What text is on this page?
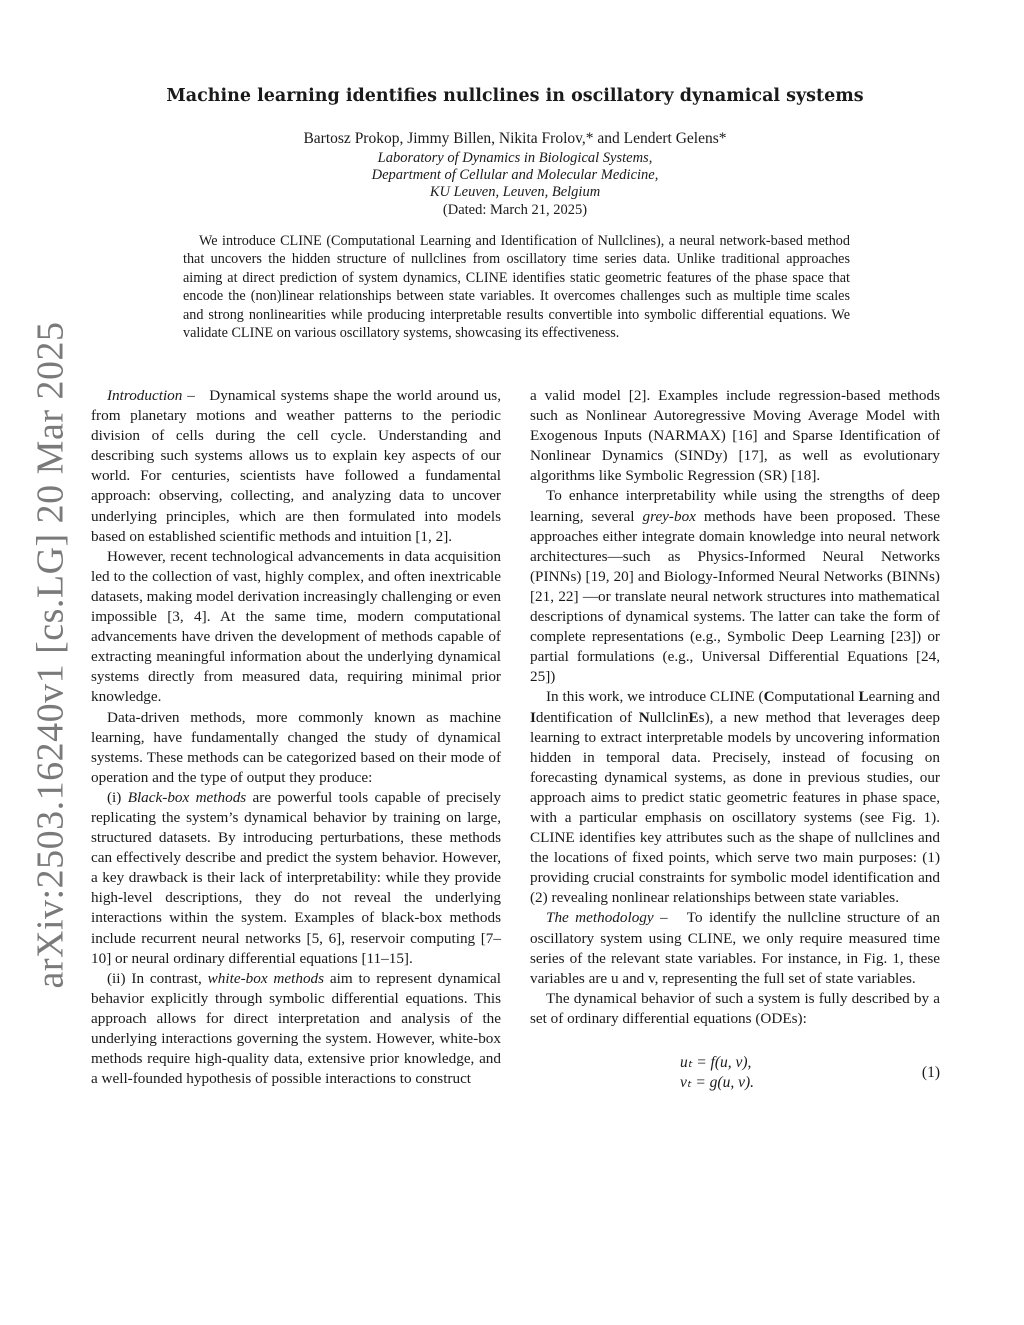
arXiv:2503.16240v1 [cs.LG] 20 Mar 2025
Machine learning identifies nullclines in oscillatory dynamical systems
Bartosz Prokop, Jimmy Billen, Nikita Frolov,* and Lendert Gelens*
Laboratory of Dynamics in Biological Systems,
Department of Cellular and Molecular Medicine,
KU Leuven, Leuven, Belgium
(Dated: March 21, 2025)
We introduce CLINE (Computational Learning and Identification of Nullclines), a neural network-based method that uncovers the hidden structure of nullclines from oscillatory time series data. Unlike traditional approaches aiming at direct prediction of system dynamics, CLINE identifies static geometric features of the phase space that encode the (non)linear relationships between state variables. It overcomes challenges such as multiple time scales and strong nonlinearities while producing interpretable results convertible into symbolic differential equations. We validate CLINE on various oscillatory systems, showcasing its effectiveness.

Introduction – Dynamical systems shape the world around us, from planetary motions and weather patterns to the periodic division of cells during the cell cycle. Understanding and describing such systems allows us to explain key aspects of our world. For centuries, scientists have followed a fundamental approach: observing, collecting, and analyzing data to uncover underlying principles, which are then formulated into models based on established scientific methods and intuition [1, 2].

However, recent technological advancements in data acquisition led to the collection of vast, highly complex, and often inextricable datasets, making model derivation increasingly challenging or even impossible [3, 4]. At the same time, modern computational advancements have driven the development of methods capable of extracting meaningful information about the underlying dynamical systems directly from measured data, requiring minimal prior knowledge.

Data-driven methods, more commonly known as machine learning, have fundamentally changed the study of dynamical systems. These methods can be categorized based on their mode of operation and the type of output they produce:

(i) Black-box methods are powerful tools capable of precisely replicating the system’s dynamical behavior by training on large, structured datasets. By introducing perturbations, these methods can effectively describe and predict the system behavior. However, a key drawback is their lack of interpretability: while they provide high-level descriptions, they do not reveal the underlying interactions within the system. Examples of black-box methods include recurrent neural networks [5, 6], reservoir computing [7–10] or neural ordinary differential equations [11–15].

(ii) In contrast, white-box methods aim to represent dynamical behavior explicitly through symbolic differential equations. This approach allows for direct interpretation and analysis of the underlying interactions governing the system. However, white-box methods require high-quality data, extensive prior knowledge, and a well-founded hypothesis of possible interactions to construct

a valid model [2]. Examples include regression-based methods such as Nonlinear Autoregressive Moving Average Model with Exogenous Inputs (NARMAX) [16] and Sparse Identification of Nonlinear Dynamics (SINDy) [17], as well as evolutionary algorithms like Symbolic Regression (SR) [18].

To enhance interpretability while using the strengths of deep learning, several grey-box methods have been proposed. These approaches either integrate domain knowledge into neural network architectures—such as Physics-Informed Neural Networks (PINNs) [19, 20] and Biology-Informed Neural Networks (BINNs) [21, 22] —or translate neural network structures into mathematical descriptions of dynamical systems. The latter can take the form of complete representations (e.g., Symbolic Deep Learning [23]) or partial formulations (e.g., Universal Differential Equations [24, 25])

In this work, we introduce CLINE (Computational Learning and Identification of NullclinEs), a new method that leverages deep learning to extract interpretable models by uncovering information hidden in temporal data. Precisely, instead of focusing on forecasting dynamical systems, as done in previous studies, our approach aims to predict static geometric features in phase space, with a particular emphasis on oscillatory systems (see Fig. 1). CLINE identifies key attributes such as the shape of nullclines and the locations of fixed points, which serve two main purposes: (1) providing crucial constraints for symbolic model identification and (2) revealing nonlinear relationships between state variables.

The methodology – To identify the nullcline structure of an oscillatory system using CLINE, we only require measured time series of the relevant state variables. For instance, in Fig. 1, these variables are u and v, representing the full set of state variables.

The dynamical behavior of such a system is fully described by a set of ordinary differential equations (ODEs):

uₜ = f(u, v),
vₜ = g(u, v).
(1)
